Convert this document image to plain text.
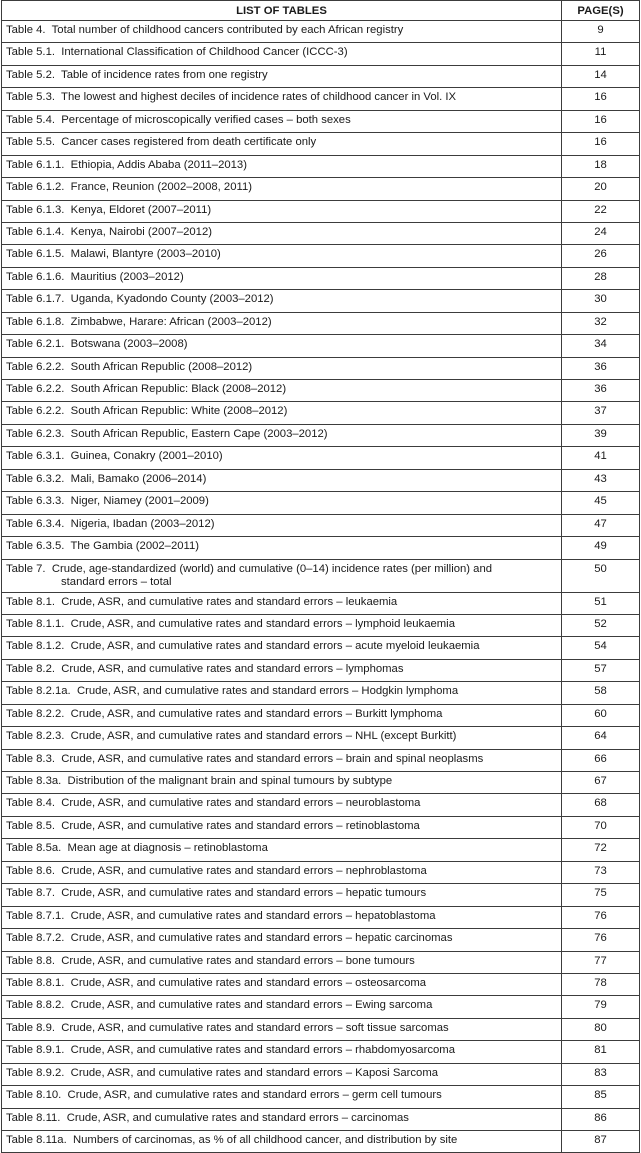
LIST OF TABLES	PAGE(S)

Table 4.  Total number of childhood cancers contributed by each African registry	9

Table 5.1.  International Classification of Childhood Cancer (ICCC-3)	11

Table 5.2.  Table of incidence rates from one registry	14

Table 5.3.  The lowest and highest deciles of incidence rates of childhood cancer in Vol. IX	16

Table 5.4.  Percentage of microscopically verified cases – both sexes	16

Table 5.5.  Cancer cases registered from death certificate only	16

Table 6.1.1.  Ethiopia, Addis Ababa (2011–2013)	18

Table 6.1.2.  France, Reunion (2002–2008, 2011)	20

Table 6.1.3.  Kenya, Eldoret (2007–2011)	22

Table 6.1.4.  Kenya, Nairobi (2007–2012)	24

Table 6.1.5.  Malawi, Blantyre (2003–2010)	26

Table 6.1.6.  Mauritius (2003–2012)	28

Table 6.1.7.  Uganda, Kyadondo County (2003–2012)	30

Table 6.1.8.  Zimbabwe, Harare: African (2003–2012)	32

Table 6.2.1.  Botswana (2003–2008)	34

Table 6.2.2.  South African Republic (2008–2012)	36

Table 6.2.2.  South African Republic: Black (2008–2012)	36

Table 6.2.2.  South African Republic: White (2008–2012)	37

Table 6.2.3.  South African Republic, Eastern Cape (2003–2012)	39

Table 6.3.1.  Guinea, Conakry (2001–2010)	41

Table 6.3.2.  Mali, Bamako (2006–2014)	43

Table 6.3.3.  Niger, Niamey (2001–2009)	45

Table 6.3.4.  Nigeria, Ibadan (2003–2012)	47

Table 6.3.5.  The Gambia (2002–2011)	49

Table 7.  Crude, age-standardized (world) and cumulative (0–14) incidence rates (per million) and
standard errors – total	50

Table 8.1.  Crude, ASR, and cumulative rates and standard errors – leukaemia	51

Table 8.1.1.  Crude, ASR, and cumulative rates and standard errors – lymphoid leukaemia	52

Table 8.1.2.  Crude, ASR, and cumulative rates and standard errors – acute myeloid leukaemia	54

Table 8.2.  Crude, ASR, and cumulative rates and standard errors – lymphomas	57

Table 8.2.1a.  Crude, ASR, and cumulative rates and standard errors – Hodgkin lymphoma	58

Table 8.2.2.  Crude, ASR, and cumulative rates and standard errors – Burkitt lymphoma	60

Table 8.2.3.  Crude, ASR, and cumulative rates and standard errors – NHL (except Burkitt)	64

Table 8.3.  Crude, ASR, and cumulative rates and standard errors – brain and spinal neoplasms	66

Table 8.3a.  Distribution of the malignant brain and spinal tumours by subtype	67

Table 8.4.  Crude, ASR, and cumulative rates and standard errors – neuroblastoma	68

Table 8.5.  Crude, ASR, and cumulative rates and standard errors – retinoblastoma	70

Table 8.5a.  Mean age at diagnosis – retinoblastoma	72

Table 8.6.  Crude, ASR, and cumulative rates and standard errors – nephroblastoma	73

Table 8.7.  Crude, ASR, and cumulative rates and standard errors – hepatic tumours	75

Table 8.7.1.  Crude, ASR, and cumulative rates and standard errors – hepatoblastoma	76

Table 8.7.2.  Crude, ASR, and cumulative rates and standard errors – hepatic carcinomas	76

Table 8.8.  Crude, ASR, and cumulative rates and standard errors – bone tumours	77

Table 8.8.1.  Crude, ASR, and cumulative rates and standard errors – osteosarcoma	78

Table 8.8.2.  Crude, ASR, and cumulative rates and standard errors – Ewing sarcoma	79

Table 8.9.  Crude, ASR, and cumulative rates and standard errors – soft tissue sarcomas	80

Table 8.9.1.  Crude, ASR, and cumulative rates and standard errors – rhabdomyosarcoma	81

Table 8.9.2.  Crude, ASR, and cumulative rates and standard errors – Kaposi Sarcoma	83

Table 8.10.  Crude, ASR, and cumulative rates and standard errors – germ cell tumours	85

Table 8.11.  Crude, ASR, and cumulative rates and standard errors – carcinomas	86

Table 8.11a.  Numbers of carcinomas, as % of all childhood cancer, and distribution by site	87
